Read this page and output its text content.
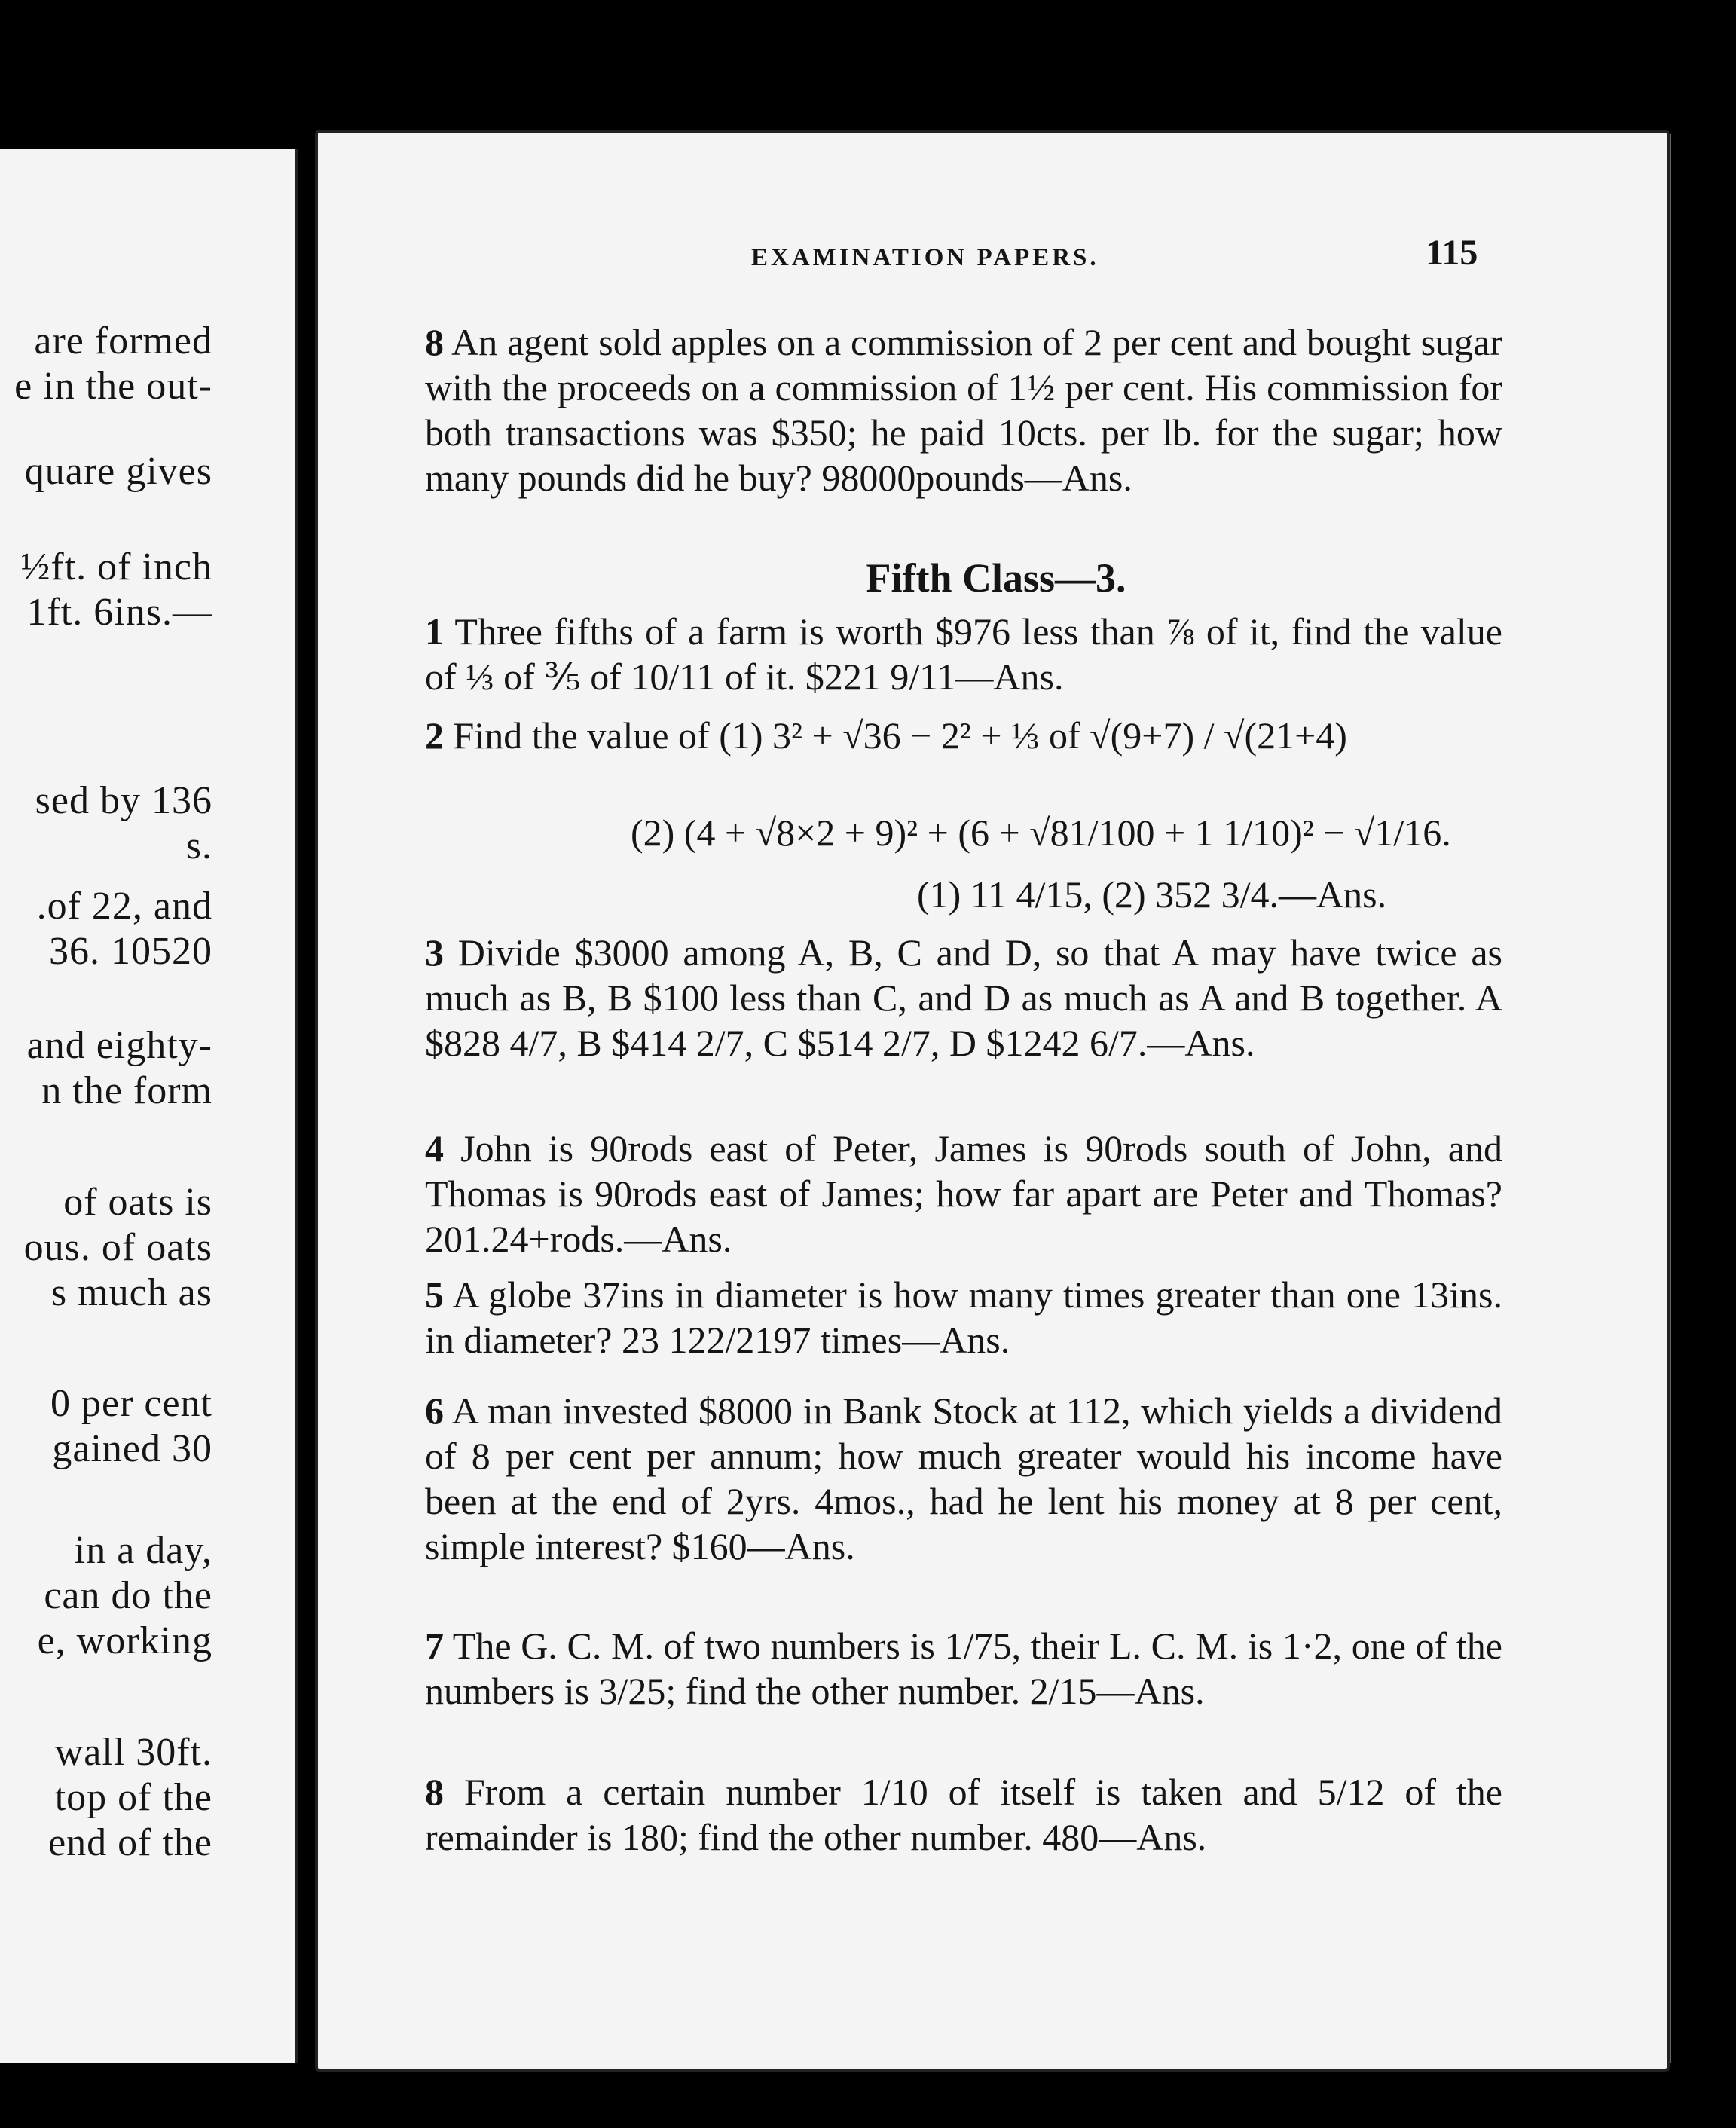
are formed
e in the out-
quare gives
½ft. of inch
1ft. 6ins.—
sed by 136
s.
.of 22, and
36. 10520
and eighty-
n the form
of oats is
ous. of oats
s much as
0 per cent
gained 30
in a day,
can do the
e, working
wall 30ft.
top of the
end of the
EXAMINATION PAPERS.	115
8 An agent sold apples on a commission of 2 per cent and bought sugar with the proceeds on a commission of 1½ per cent. His commission for both transactions was $350; he paid 10cts. per lb. for the sugar; how many pounds did he buy? 98000pounds—Ans.
Fifth Class—3.
1 Three fifths of a farm is worth $976 less than ⅞ of it, find the value of ⅓ of ⅗ of 10/11 of it. $221 9/11—Ans.
2 Find the value of (1) 3² + √36 − 2² + ⅓ of √(9+7) / √(21+4)
(2) (4 + √8×2 + 9)² + (6 + √81/100 + 1 1/10)² − √1/16.
(1) 11 4/15, (2) 352 3/4.—Ans.
3 Divide $3000 among A, B, C and D, so that A may have twice as much as B, B $100 less than C, and D as much as A and B together. A $828 4/7, B $414 2/7, C $514 2/7, D $1242 6/7.—Ans.
4 John is 90rods east of Peter, James is 90rods south of John, and Thomas is 90rods east of James; how far apart are Peter and Thomas? 201.24+rods.—Ans.
5 A globe 37ins in diameter is how many times greater than one 13ins. in diameter? 23 122/2197 times—Ans.
6 A man invested $8000 in Bank Stock at 112, which yields a dividend of 8 per cent per annum; how much greater would his income have been at the end of 2yrs. 4mos., had he lent his money at 8 per cent, simple interest? $160—Ans.
7 The G. C. M. of two numbers is 1/75, their L. C. M. is 1·2, one of the numbers is 3/25; find the other number. 2/15—Ans.
8 From a certain number 1/10 of itself is taken and 5/12 of the remainder is 180; find the other number. 480—Ans.
